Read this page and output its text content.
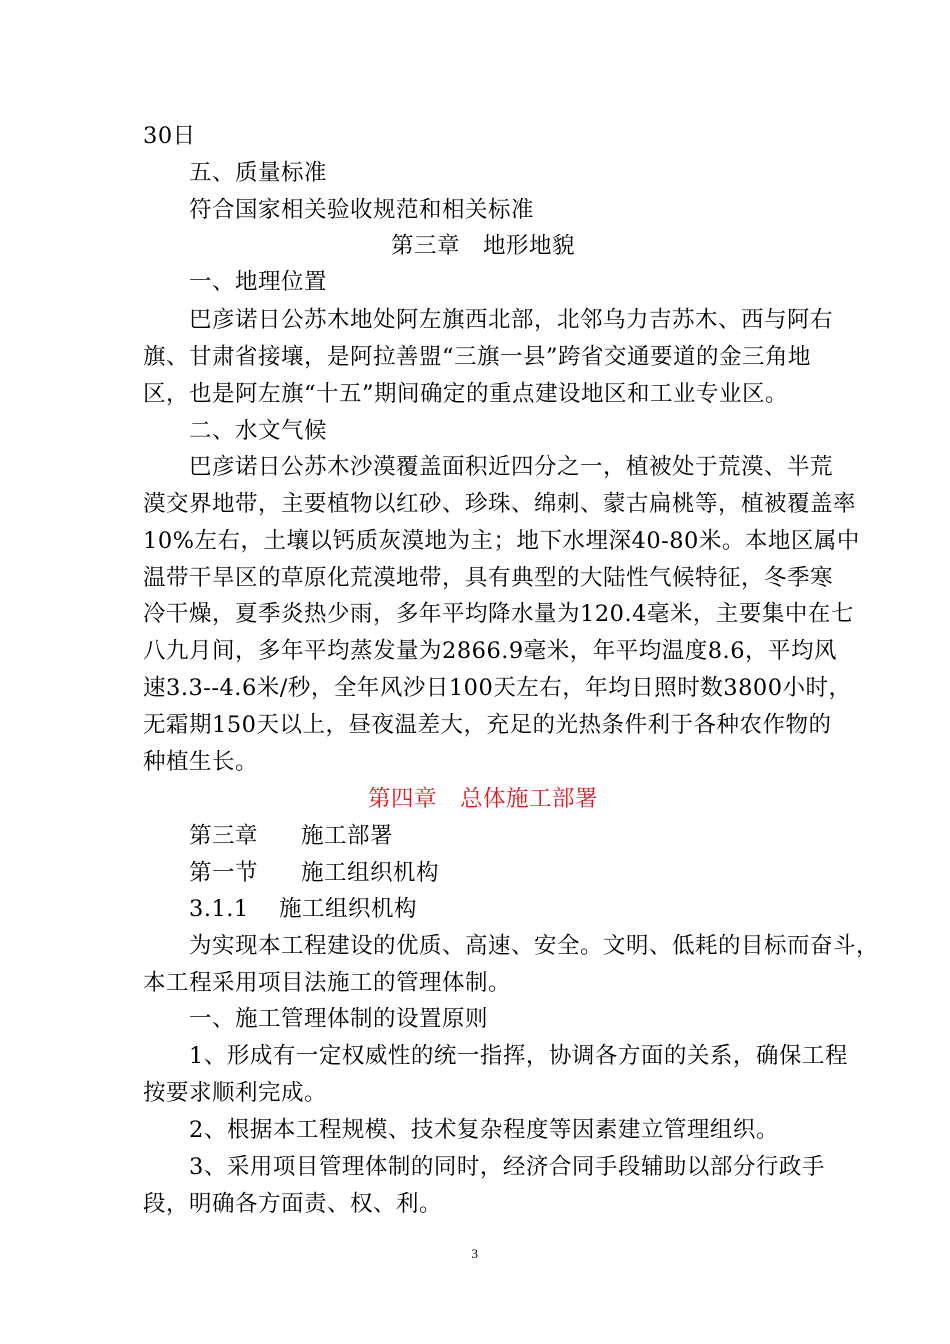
30日
五、质量标准
符合国家相关验收规范和相关标准
第三章　地形地貌
一、地理位置
巴彦诺日公苏木地处阿左旗西北部，北邻乌力吉苏木、西与阿右
旗、甘肃省接壤，是阿拉善盟“三旗一县”跨省交通要道的金三角地
区，也是阿左旗“十五”期间确定的重点建设地区和工业专业区。
二、水文气候
巴彦诺日公苏木沙漠覆盖面积近四分之一，植被处于荒漠、半荒
漠交界地带，主要植物以红砂、珍珠、绵刺、蒙古扁桃等，植被覆盖率
10%左右，土壤以钙质灰漠地为主；地下水埋深40-80米。本地区属中
温带干旱区的草原化荒漠地带，具有典型的大陆性气候特征，冬季寒
冷干燥，夏季炎热少雨，多年平均降水量为120.4毫米，主要集中在七
八九月间，多年平均蒸发量为2866.9毫米，年平均温度8.6，平均风
速3.3--4.6米/秒，全年风沙日100天左右，年均日照时数3800小时，
无霜期150天以上，昼夜温差大，充足的光热条件利于各种农作物的
种植生长。
第四章　总体施工部署
第三章 施工部署
第一节 施工组织机构
3.1.1 施工组织机构
为实现本工程建设的优质、高速、安全。文明、低耗的目标而奋斗，
本工程采用项目法施工的管理体制。
一、施工管理体制的设置原则
1、形成有一定权威性的统一指挥，协调各方面的关系，确保工程
按要求顺利完成。
2、根据本工程规模、技术复杂程度等因素建立管理组织。
3、采用项目管理体制的同时，经济合同手段辅助以部分行政手
段，明确各方面责、权、利。
3
